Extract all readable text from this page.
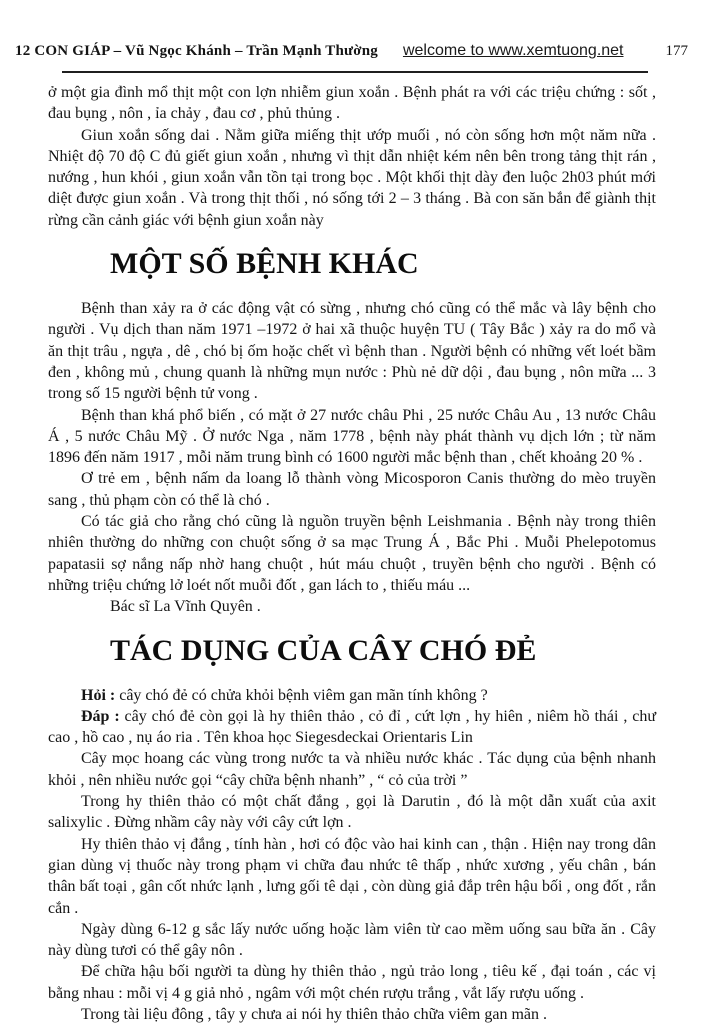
12 CON GIÁP – Vũ Ngọc Khánh – Trần Mạnh Thường welcome to www.xemtuong.net	177

ở một gia đình mổ thịt một con lợn nhiễm giun xoắn . Bệnh phát ra với các triệu chứng : sốt , đau bụng , nôn , ỉa chảy , đau cơ , phủ thủng .

Giun xoắn sống dai . Nằm giữa miếng thịt ướp muối , nó còn sống hơn một năm nữa . Nhiệt độ 70 độ C đủ giết giun xoắn , nhưng vì thịt dẫn nhiệt kém nên bên trong tảng thịt rán , nướng , hun khói , giun xoắn vẫn tồn tại trong bọc . Một khối thịt dày đen luộc 2h03 phút mới diệt được giun xoắn . Và trong thịt thối , nó sống tới 2 – 3 tháng . Bà con săn bắn để giành thịt rừng cần cảnh giác với bệnh giun xoắn này

MỘT SỐ BỆNH KHÁC

Bệnh than xảy ra ở các động vật có sừng , nhưng chó cũng có thể mắc và lây bệnh cho người . Vụ dịch than năm 1971 –1972 ở hai xã thuộc huyện TU ( Tây Bắc ) xảy ra do mổ và ăn thịt trâu , ngựa , dê , chó bị ốm hoặc chết vì bệnh than . Người bệnh có những vết loét bầm đen , không mủ , chung quanh là những mụn nước : Phù nẻ dữ dội , đau bụng , nôn mữa ... 3 trong số 15 người bệnh tử vong .

Bệnh than khá phổ biến , có mặt ở 27 nước châu Phi , 25 nước Châu Au , 13 nước Châu Á , 5 nước Châu Mỹ . Ở nước Nga , năm 1778 , bệnh này phát thành vụ dịch lớn ; từ năm 1896 đến năm 1917 , mỗi năm trung bình có 1600 người mắc bệnh than , chết khoảng 20 % .

Ơ trẻ em , bệnh nấm da loang lỗ thành vòng Micosporon Canis thường do mèo truyền sang , thủ phạm còn có thể là chó .

Có tác giả cho rằng chó cũng là nguồn truyền bệnh Leishmania . Bệnh này trong thiên nhiên thường do những con chuột sống ở sa mạc Trung Á , Bắc Phi . Muỗi Phelepotomus papatasii sợ nắng nấp nhờ hang chuột , hút máu chuột , truyền bệnh cho người . Bệnh có những triệu chứng lở loét nốt muỗi đốt , gan lách to , thiếu máu ...

Bác sĩ La Vĩnh Quyên .

TÁC DỤNG CỦA CÂY CHÓ ĐẺ

Hỏi : cây chó đẻ có chửa khỏi bệnh viêm gan mãn tính không ?

Đáp : cây chó đẻ còn gọi là hy thiên thảo , cỏ đỉ , cứt lợn , hy hiên , niêm hồ thái , chư cao , hồ cao , nụ áo ria . Tên khoa học Siegesdeckai Orientaris Lin

Cây mọc hoang các vùng trong nước ta và nhiều nước khác . Tác dụng của bệnh nhanh khỏi , nên nhiều nước gọi “cây chữa bệnh nhanh” , “ cỏ của trời ”

Trong hy thiên thảo có một chất đắng , gọi là Darutin , đó là một dẫn xuất của axit salixylic . Đừng nhầm cây này với cây cứt lợn .

Hy thiên thảo vị đắng , tính hàn , hơi có độc vào hai kinh can , thận . Hiện nay trong dân gian dùng vị thuốc này trong phạm vi chữa đau nhức tê thấp , nhức xương , yếu chân , bán thân bất toại , gân cốt nhức lạnh , lưng gối tê dại , còn dùng giả đắp trên hậu bối , ong đốt , rắn cắn .

Ngày dùng 6-12 g sắc lấy nước uống hoặc làm viên từ cao mềm uống sau bữa ăn . Cây này dùng tươi có thể gây nôn .

Để chữa hậu bối người ta dùng hy thiên thảo , ngủ trảo long , tiêu kế , đại toán , các vị bằng nhau : mỗi vị 4 g giả nhỏ , ngâm với một chén rượu trắng , vắt lấy rượu uống .

Trong tài liệu đông , tây y chưa ai nói hy thiên thảo chữa viêm gan mãn .
